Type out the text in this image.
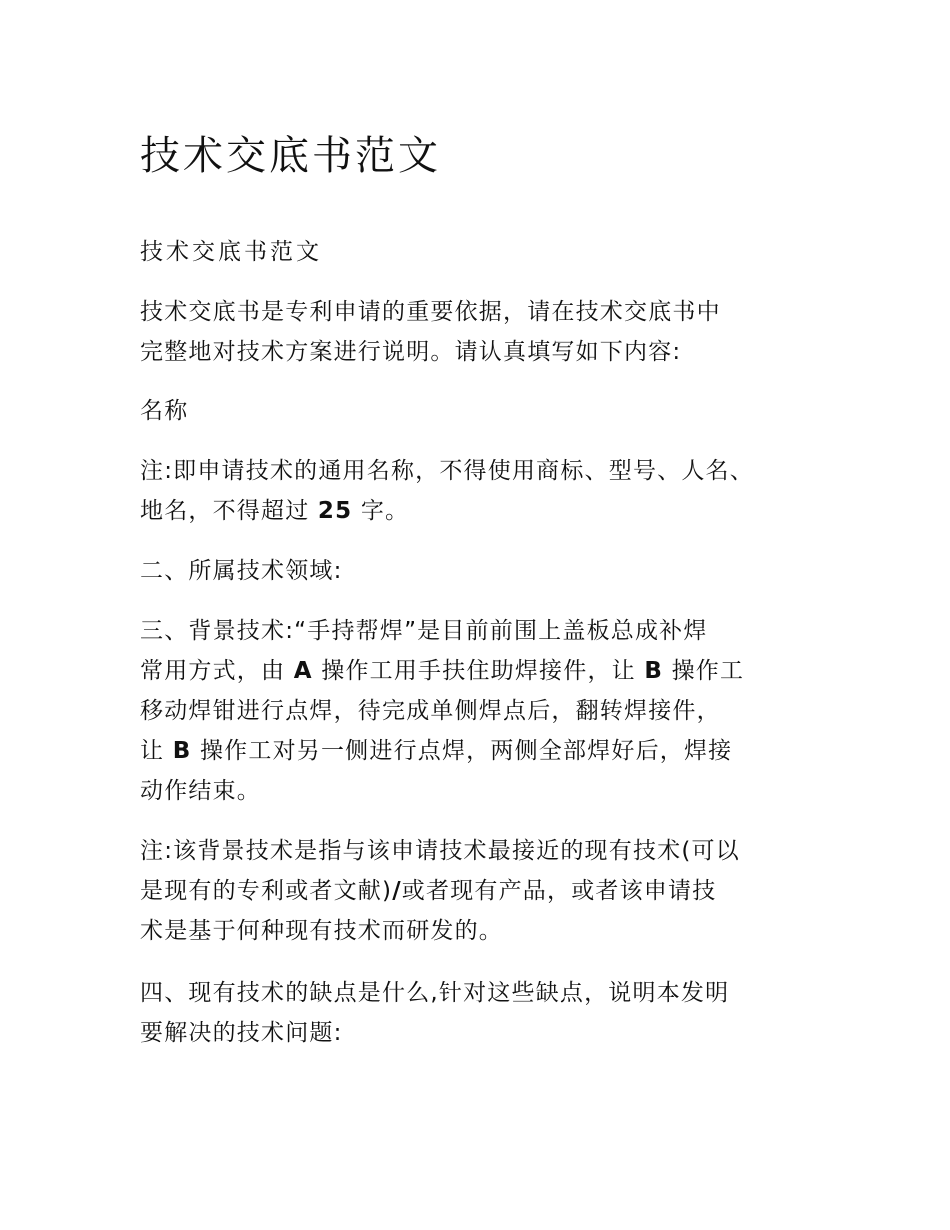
技术交底书范文

技术交底书范文

技术交底书是专利申请的重要依据，请在技术交底书中
完整地对技术方案进行说明。请认真填写如下内容:

名称

注:即申请技术的通用名称，不得使用商标、型号、人名、
地名，不得超过 25 字。

二、所属技术领域:

三、背景技术:“手持帮焊”是目前前围上盖板总成补焊
常用方式，由 A 操作工用手扶住助焊接件，让 B 操作工
移动焊钳进行点焊，待完成单侧焊点后，翻转焊接件，
让 B 操作工对另一侧进行点焊，两侧全部焊好后，焊接
动作结束。

注:该背景技术是指与该申请技术最接近的现有技术(可以
是现有的专利或者文献)/或者现有产品，或者该申请技
术是基于何种现有技术而研发的。

四、现有技术的缺点是什么,针对这些缺点，说明本发明
要解决的技术问题:
